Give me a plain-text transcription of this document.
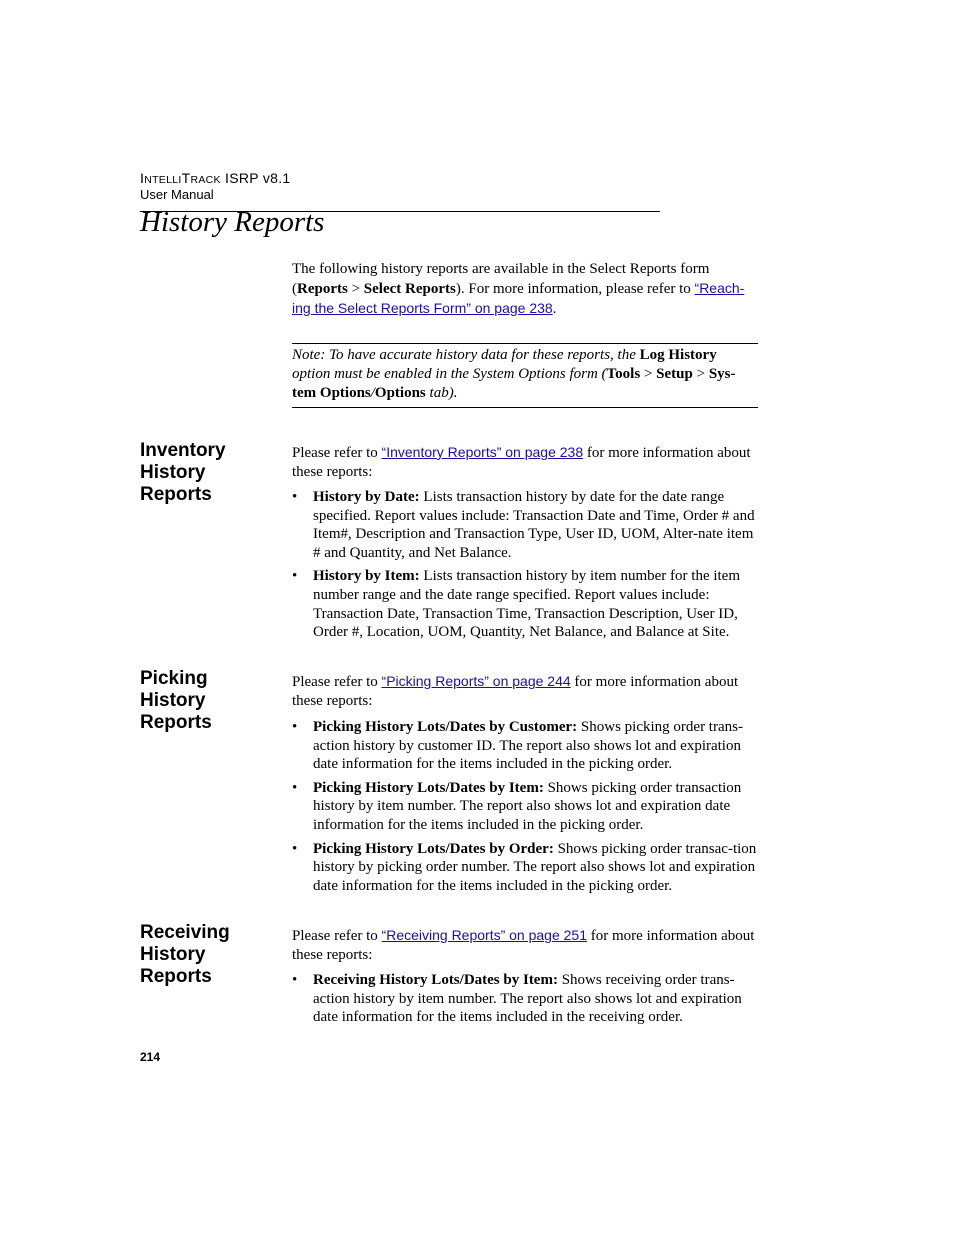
INTELLITRACK ISRP v8.1
User Manual
History Reports

The following history reports are available in the Select Reports form (Reports > Select Reports). For more information, please refer to “Reach-ing the Select Reports Form” on page 238.

Note: To have accurate history data for these reports, the Log History option must be enabled in the System Options form (Tools > Setup > Sys-tem Options/Options tab).
Inventory
History
Reports

Please refer to “Inventory Reports” on page 238 for more information about these reports:

• History by Date: Lists transaction history by date for the date range specified. Report values include: Transaction Date and Time, Order # and Item#, Description and Transaction Type, User ID, UOM, Alter-nate item # and Quantity, and Net Balance.
• History by Item: Lists transaction history by item number for the item number range and the date range specified. Report values include: Transaction Date, Transaction Time, Transaction Description, User ID, Order #, Location, UOM, Quantity, Net Balance, and Balance at Site.
Picking
History
Reports

Please refer to “Picking Reports” on page 244 for more information about these reports:

• Picking History Lots/Dates by Customer: Shows picking order trans-action history by customer ID. The report also shows lot and expiration date information for the items included in the picking order.
• Picking History Lots/Dates by Item: Shows picking order transaction history by item number. The report also shows lot and expiration date information for the items included in the picking order.
• Picking History Lots/Dates by Order: Shows picking order transac-tion history by picking order number. The report also shows lot and expiration date information for the items included in the picking order.
Receiving
History
Reports

Please refer to “Receiving Reports” on page 251 for more information about these reports:

• Receiving History Lots/Dates by Item: Shows receiving order trans-action history by item number. The report also shows lot and expiration date information for the items included in the receiving order.
214
